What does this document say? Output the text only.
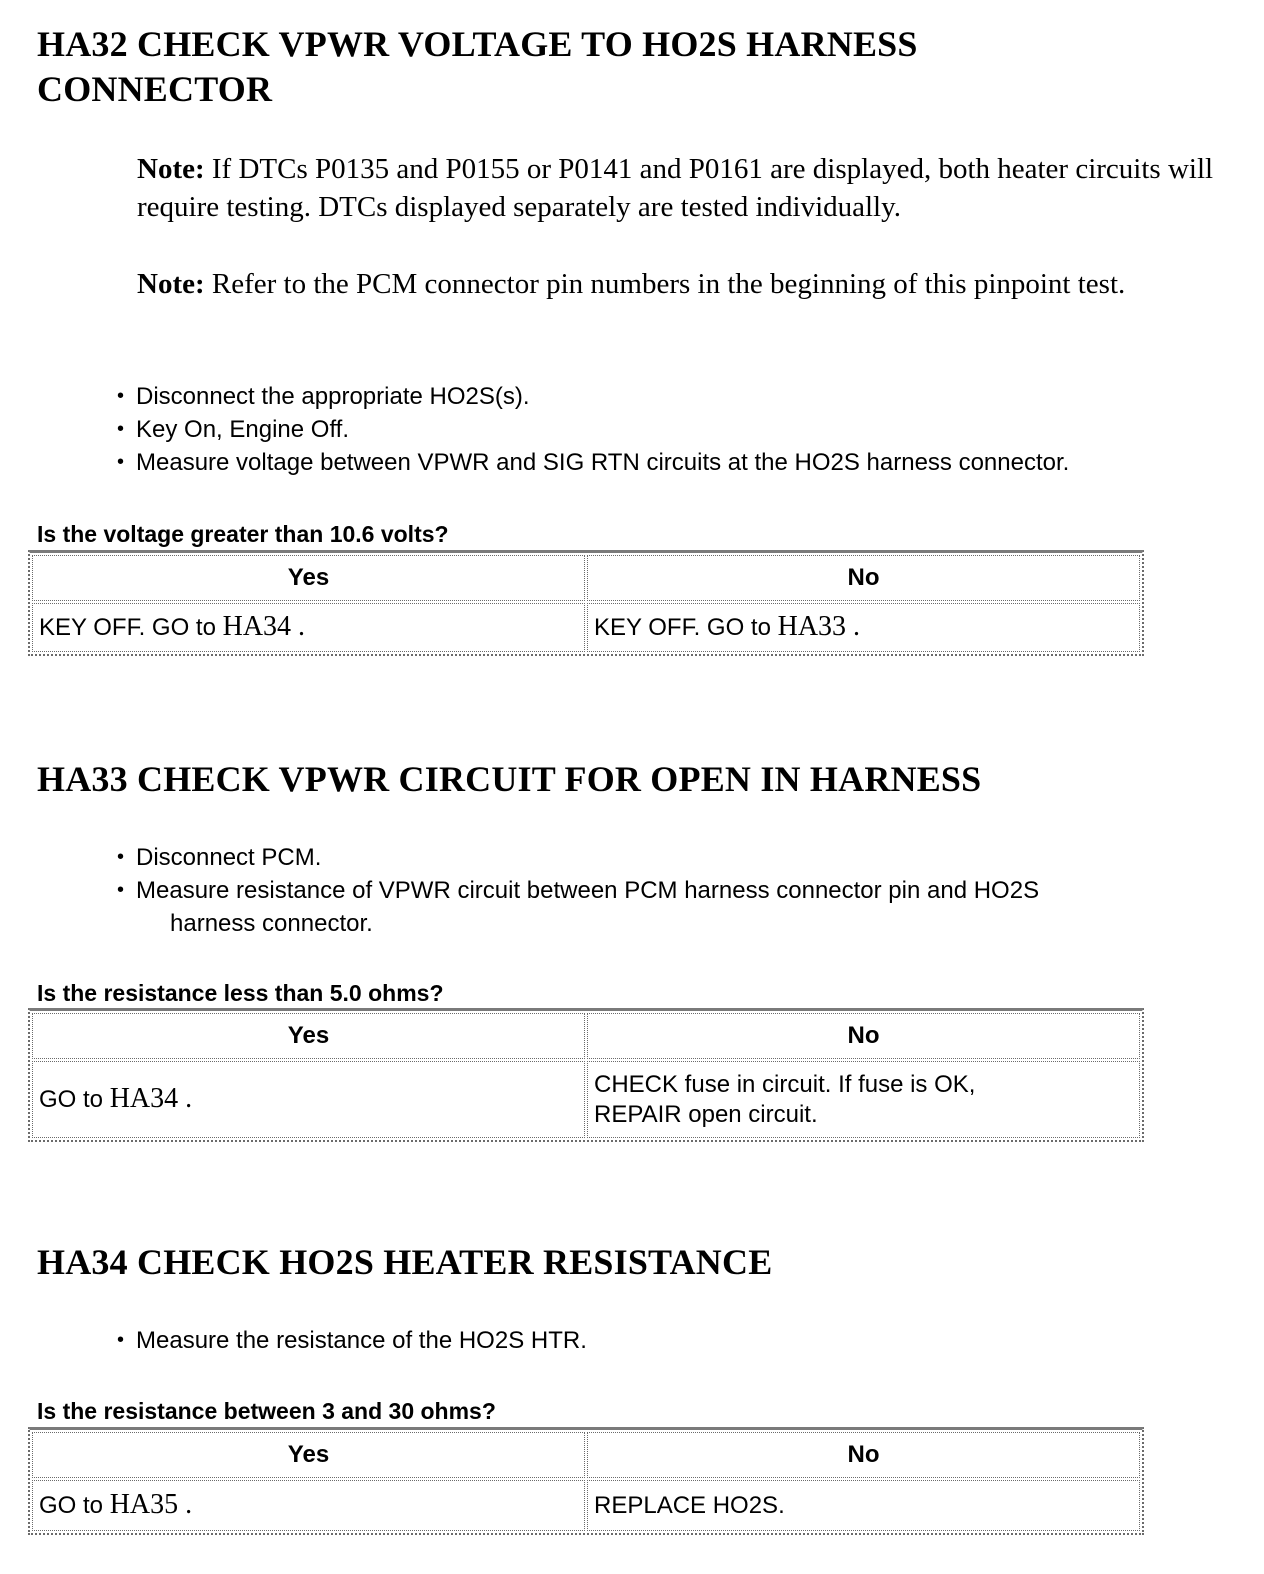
HA32 CHECK VPWR VOLTAGE TO HO2S HARNESS CONNECTOR

Note: If DTCs P0135 and P0155 or P0141 and P0161 are displayed, both heater circuits will require testing. DTCs displayed separately are tested individually.

Note: Refer to the PCM connector pin numbers in the beginning of this pinpoint test.

• Disconnect the appropriate HO2S(s).
• Key On, Engine Off.
• Measure voltage between VPWR and SIG RTN circuits at the HO2S harness connector.

Is the voltage greater than 10.6 volts?

Yes	No
KEY OFF. GO to HA34 .	KEY OFF. GO to HA33 .
HA33 CHECK VPWR CIRCUIT FOR OPEN IN HARNESS
• Disconnect PCM.
• Measure resistance of VPWR circuit between PCM harness connector pin and HO2S
harness connector.

Is the resistance less than 5.0 ohms?

Yes	No
GO to HA34 .	CHECK fuse in circuit. If fuse is OK,
REPAIR open circuit.
HA34 CHECK HO2S HEATER RESISTANCE
• Measure the resistance of the HO2S HTR.

Is the resistance between 3 and 30 ohms?

Yes	No
GO to HA35 .	REPLACE HO2S.
